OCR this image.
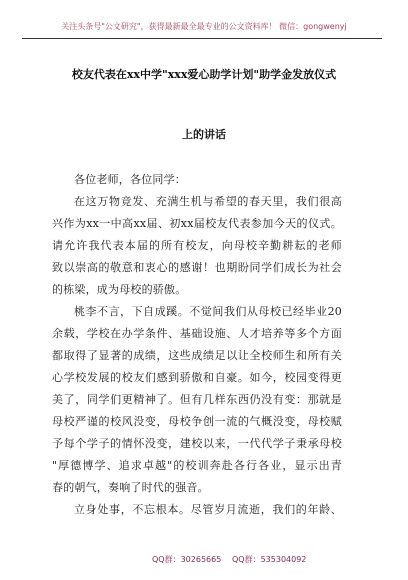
关注头条号"公文研究"，获得最新最全最专业的公文资料库！ 微信：gongwenyj
校友代表在xx中学"xxx爱心助学计划"助学金发放仪式
上的讲话
各位老师，各位同学：
在这万物竞发、充满生机与希望的春天里，我们很高
兴作为xx一中高xx届、初xx届校友代表参加今天的仪式。
请允许我代表本届的所有校友，向母校辛勤耕耘的老师
致以崇高的敬意和衷心的感谢！也期盼同学们成长为社会
的栋梁，成为母校的骄傲。
桃李不言，下自成蹊。不觉间我们从母校已经毕业20
余载，学校在办学条件、基础设施、人才培养等多个方面
都取得了显著的成绩，这些成绩足以让全校师生和所有关
心学校发展的校友们感到骄傲和自豪。如今，校园变得更
美了，同学们更精神了。但有几样东西仍没有变：那就是
母校严谨的校风没变，母校争创一流的气概没变，母校赋
予每个学子的情怀没变，建校以来，一代代学子秉承母校
"厚德博学、追求卓越"的校训奔赴各行各业，显示出青
春的朝气，奏响了时代的强音。
立身处事，不忘根本。尽管岁月流逝，我们的年龄、
QQ群：30265665 QQ群：535304092
